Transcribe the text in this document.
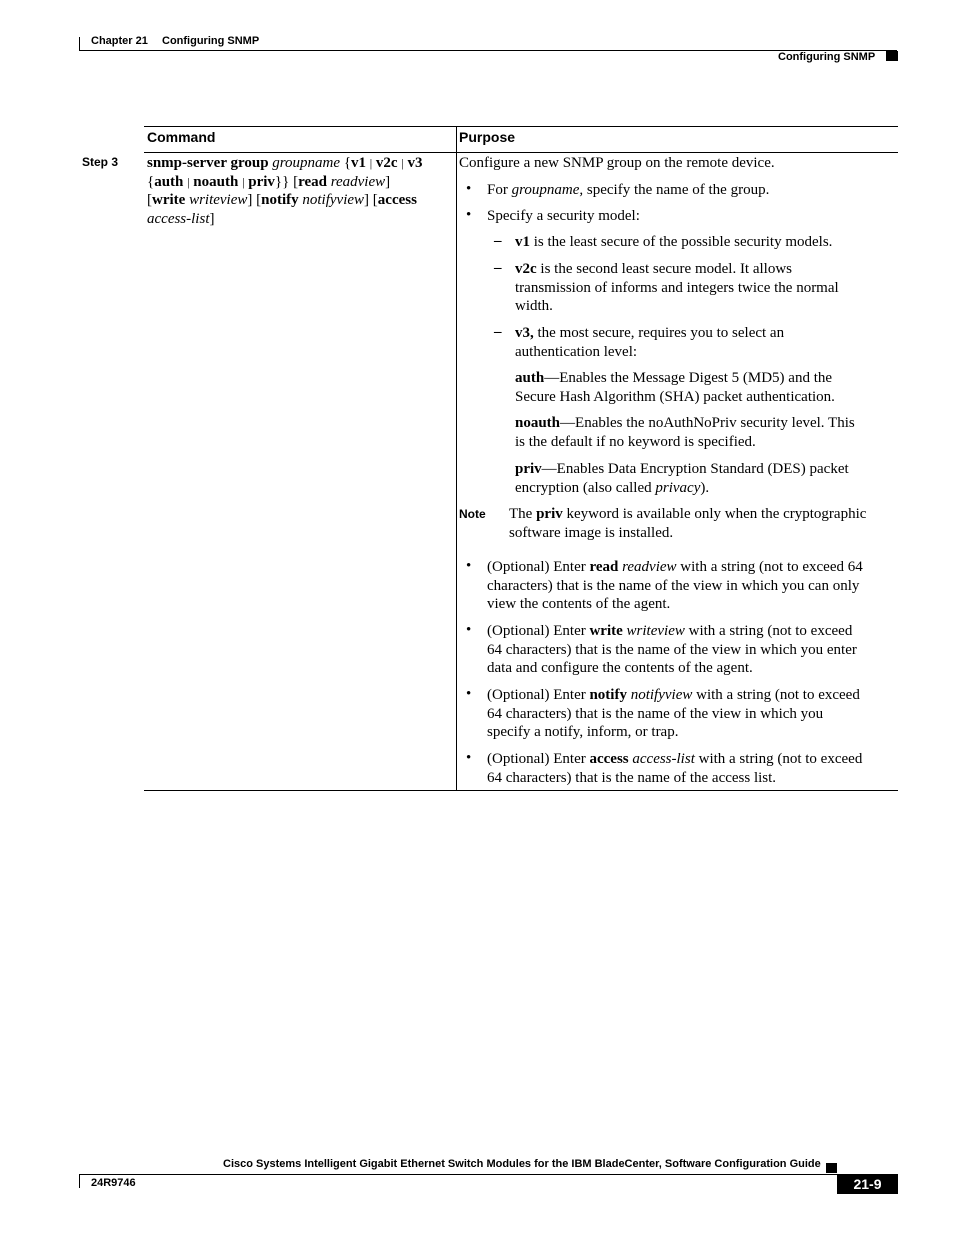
Chapter 21 Configuring SNMP
Configuring SNMP
Command	Purpose
Step 3 snmp-server group groupname {v1 | v2c | v3
{auth | noauth | priv}} [read readview]
[write writeview] [notify notifyview] [access
access-list]
Configure a new SNMP group on the remote device.
• For groupname, specify the name of the group.
• Specify a security model:
– v1 is the least secure of the possible security models.
– v2c is the second least secure model. It allows
transmission of informs and integers twice the normal
width.
– v3, the most secure, requires you to select an
authentication level:
auth—Enables the Message Digest 5 (MD5) and the
Secure Hash Algorithm (SHA) packet authentication.
noauth—Enables the noAuthNoPriv security level. This
is the default if no keyword is specified.
priv—Enables Data Encryption Standard (DES) packet
encryption (also called privacy).
Note The priv keyword is available only when the cryptographic
software image is installed.
• (Optional) Enter read readview with a string (not to exceed 64
characters) that is the name of the view in which you can only
view the contents of the agent.
• (Optional) Enter write writeview with a string (not to exceed
64 characters) that is the name of the view in which you enter
data and configure the contents of the agent.
• (Optional) Enter notify notifyview with a string (not to exceed
64 characters) that is the name of the view in which you
specify a notify, inform, or trap.
• (Optional) Enter access access-list with a string (not to exceed
64 characters) that is the name of the access list.
Cisco Systems Intelligent Gigabit Ethernet Switch Modules for the IBM BladeCenter, Software Configuration Guide
24R9746	21-9
